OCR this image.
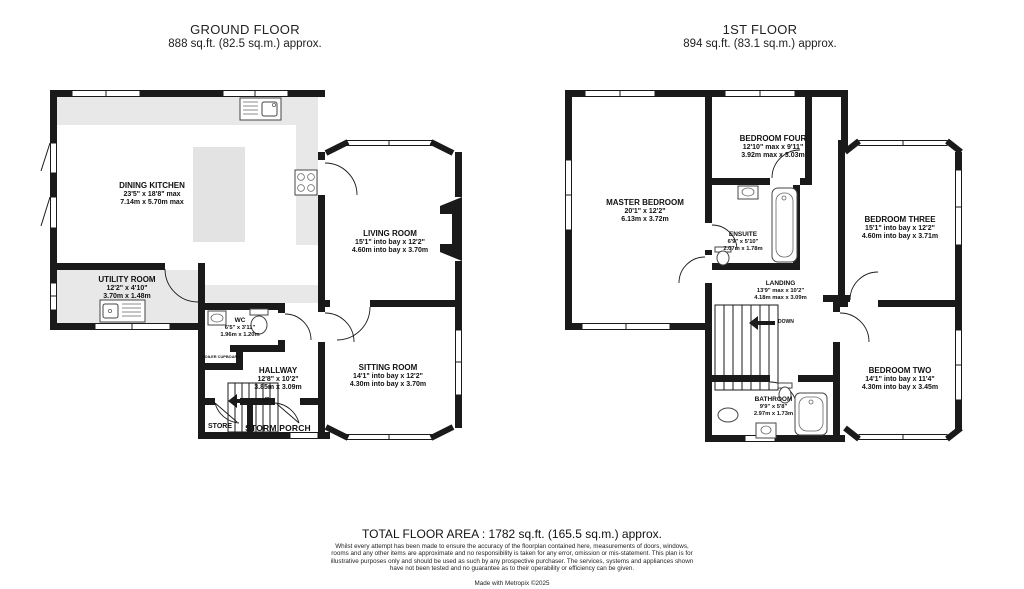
GROUND FLOOR
888 sq.ft. (82.5 sq.m.) approx.
1ST FLOOR
894 sq.ft. (83.1 sq.m.) approx.
DINING KITCHEN
23'5" x 18'8" max
7.14m x 5.70m max
LIVING ROOM
15'1" into bay x 12'2"
4.60m into bay x 3.70m
UTILITY ROOM
12'2" x 4'10"
3.70m x 1.48m
WC
6'5" x 3'11"
1.96m x 1.20m
HALLWAY
12'8" x 10'2"
3.85m x 3.09m
SITTING ROOM
14'1" into bay x 12'2"
4.30m into bay x 3.70m
BOILER CUPBOARD
STORE	STORM PORCH
UP
MASTER BEDROOM
20'1" x 12'2"
6.13m x 3.72m
BEDROOM FOUR
12'10" max x 9'11"
3.92m max x 3.03m
ENSUITE
6'9" x 5'10"
2.07m x 1.78m
BEDROOM THREE
15'1" into bay x 12'2"
4.60m into bay x 3.71m
LANDING
13'9" max x 10'2"
4.18m max x 3.09m
BATHROOM
9'9" x 5'8"
2.97m x 1.73m
BEDROOM TWO
14'1" into bay x 11'4"
4.30m into bay x 3.45m
DOWN
TOTAL FLOOR AREA : 1782 sq.ft. (165.5 sq.m.) approx.
Whilst every attempt has been made to ensure the accuracy of the floorplan contained here, measurements of doors, windows, rooms and any other items are approximate and no responsibility is taken for any error, omission or mis-statement. This plan is for illustrative purposes only and should be used as such by any prospective purchaser. The services, systems and appliances shown have not been tested and no guarantee as to their operability or efficiency can be given.
Made with Metropix ©2025
